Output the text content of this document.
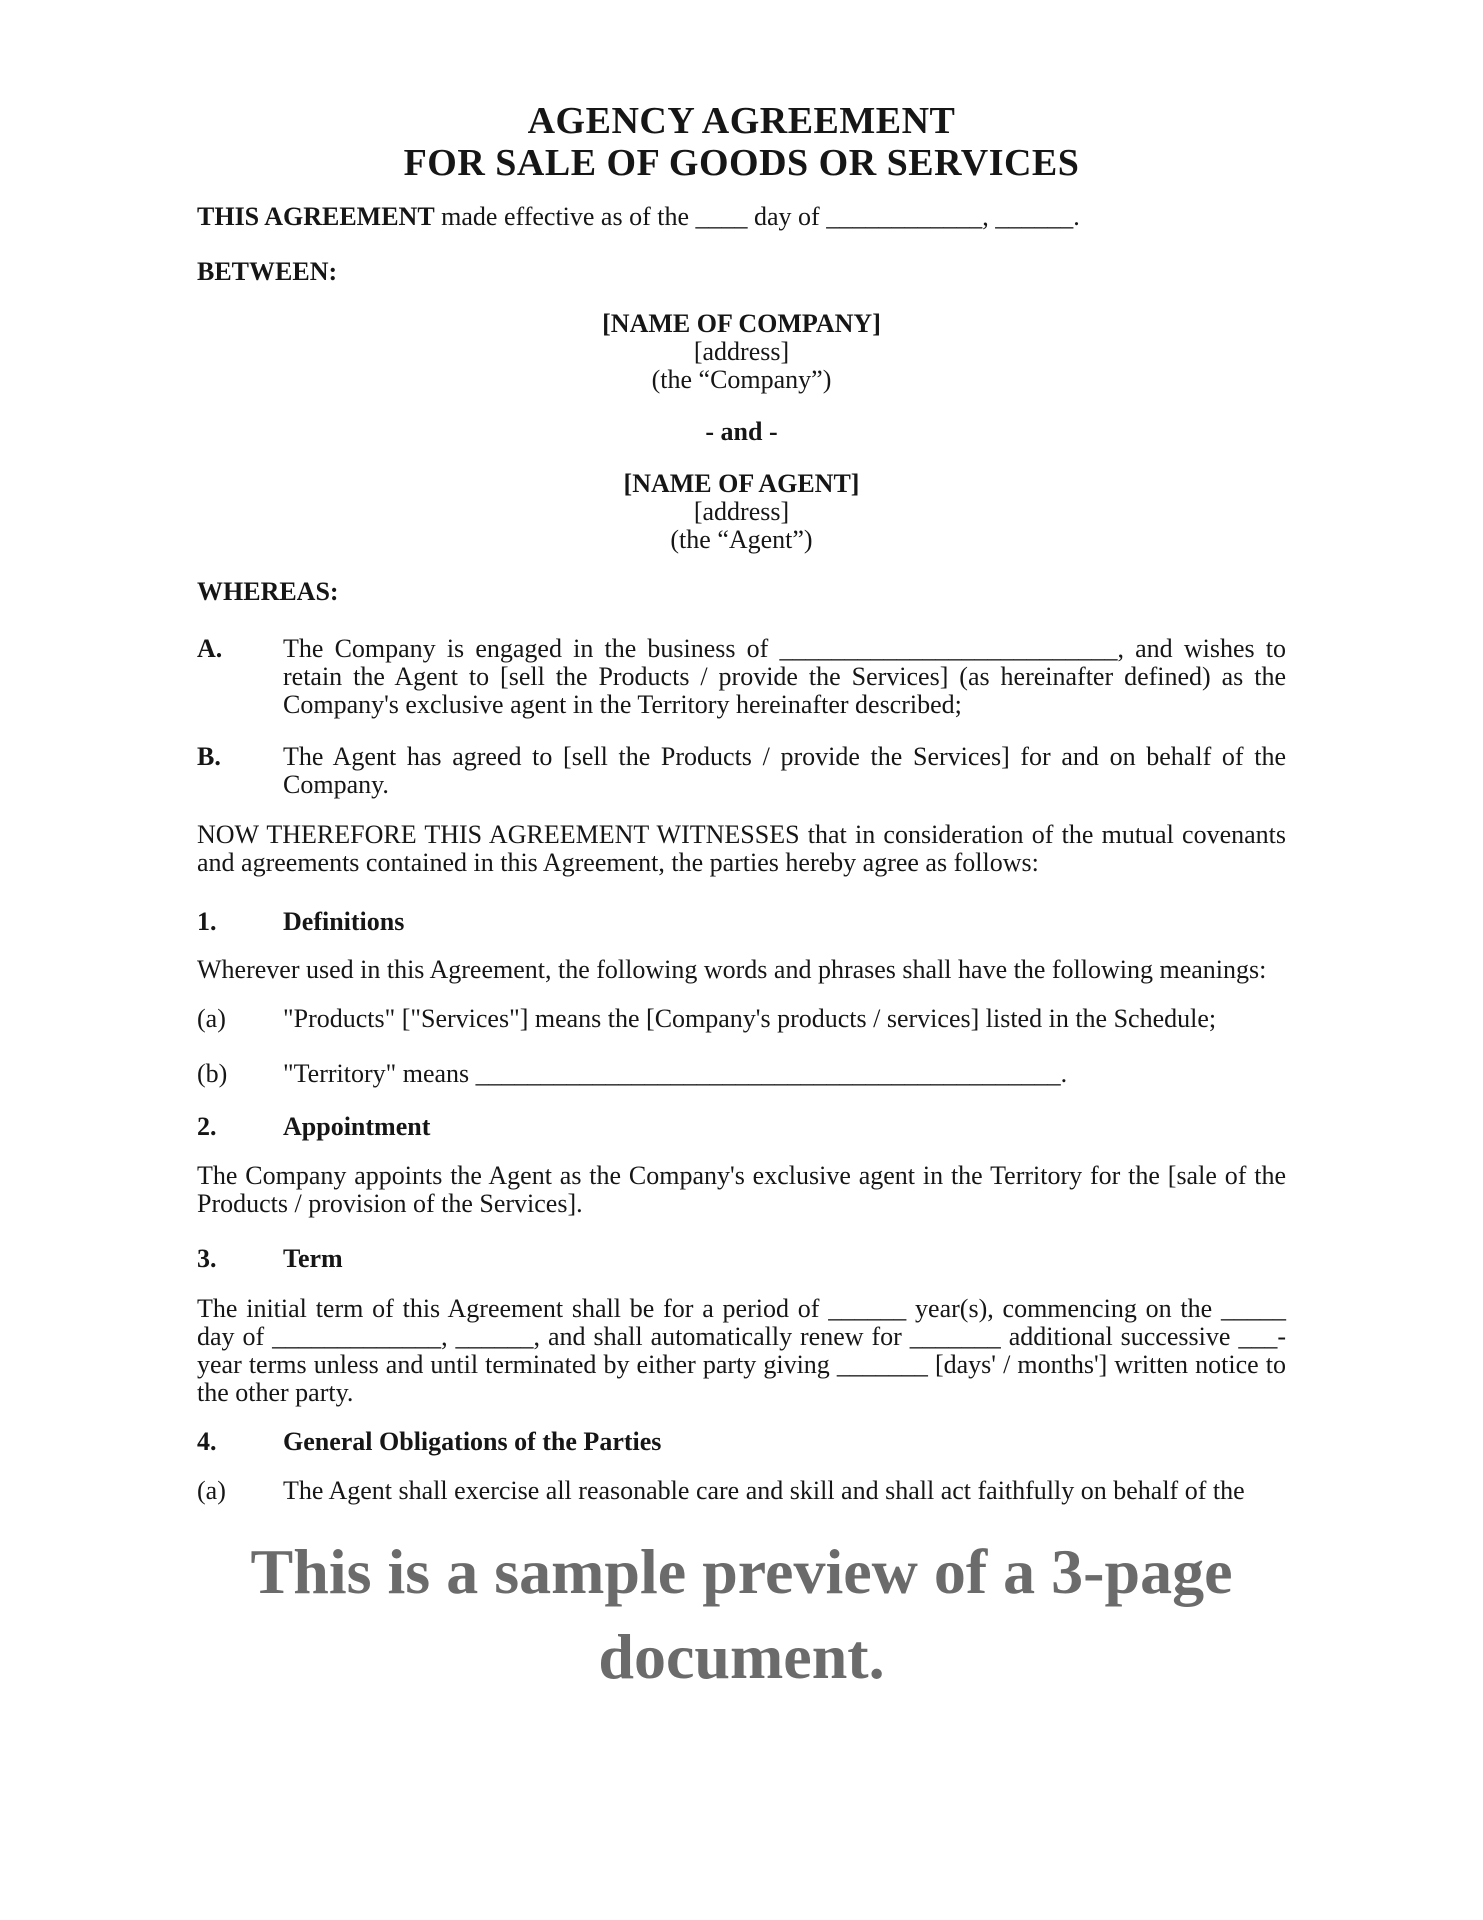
AGENCY AGREEMENT
FOR SALE OF GOODS OR SERVICES

THIS AGREEMENT made effective as of the ____ day of ____________, ______.

BETWEEN:

[NAME OF COMPANY]
[address]
(the “Company”)
- and -
[NAME OF AGENT]
[address]
(the “Agent”)

WHEREAS:

A.	The Company is engaged in the business of __________________________, and wishes to retain the Agent to [sell the Products / provide the Services] (as hereinafter defined) as the Company's exclusive agent in the Territory hereinafter described;
B.	The Agent has agreed to [sell the Products / provide the Services] for and on behalf of the Company.

NOW THEREFORE THIS AGREEMENT WITNESSES that in consideration of the mutual covenants and agreements contained in this Agreement, the parties hereby agree as follows:

1.	Definitions

Wherever used in this Agreement, the following words and phrases shall have the following meanings:

(a)	"Products" ["Services"] means the [Company's products / services] listed in the Schedule;
(b)	"Territory" means _____________________________________________.
2.	Appointment

The Company appoints the Agent as the Company's exclusive agent in the Territory for the [sale of the Products / provision of the Services].

3.	Term

The initial term of this Agreement shall be for a period of ______ year(s), commencing on the _____ day of _____________, ______, and shall automatically renew for _______ additional successive ___-year terms unless and until terminated by either party giving _______ [days' / months'] written notice to the other party.

4.	General Obligations of the Parties
(a)	The Agent shall exercise all reasonable care and skill and shall act faithfully on behalf of the
This is a sample preview of a 3-page
document.
